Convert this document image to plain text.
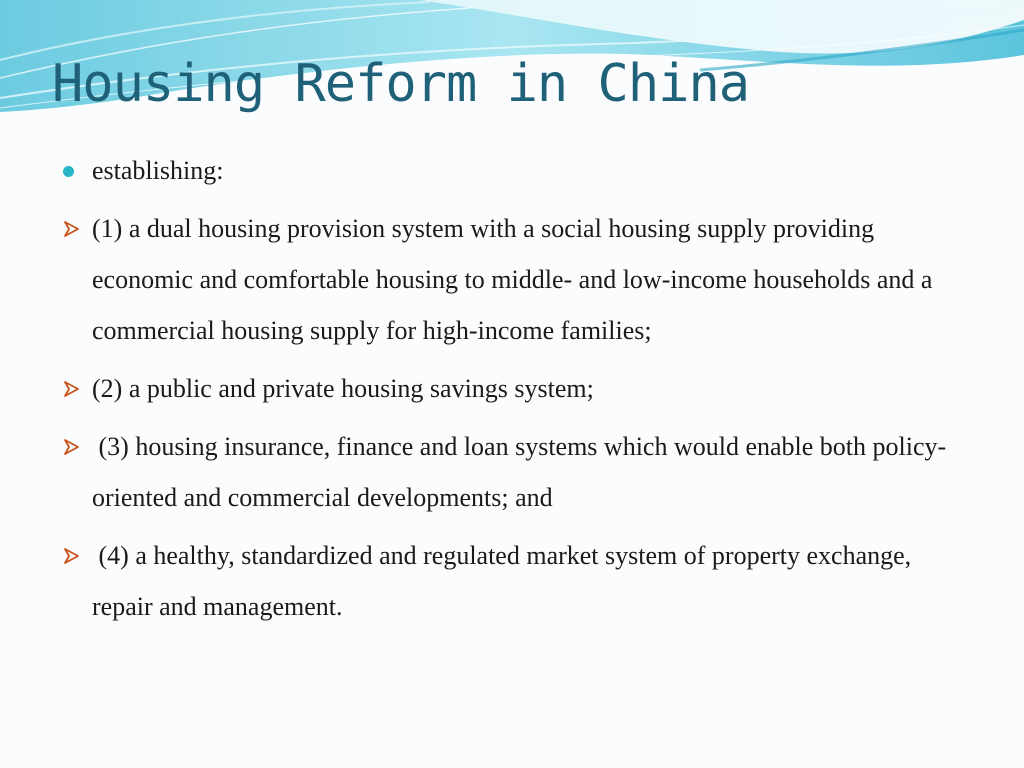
Housing Reform in China
establishing:
(1) a dual housing provision system with a social housing supply providing economic and comfortable housing to middle- and low-income households and a commercial housing supply for high-income families;
(2) a public and private housing savings system;
(3) housing insurance, finance and loan systems which would enable both policy-oriented and commercial developments; and
(4) a healthy, standardized and regulated market system of property exchange, repair and management.
